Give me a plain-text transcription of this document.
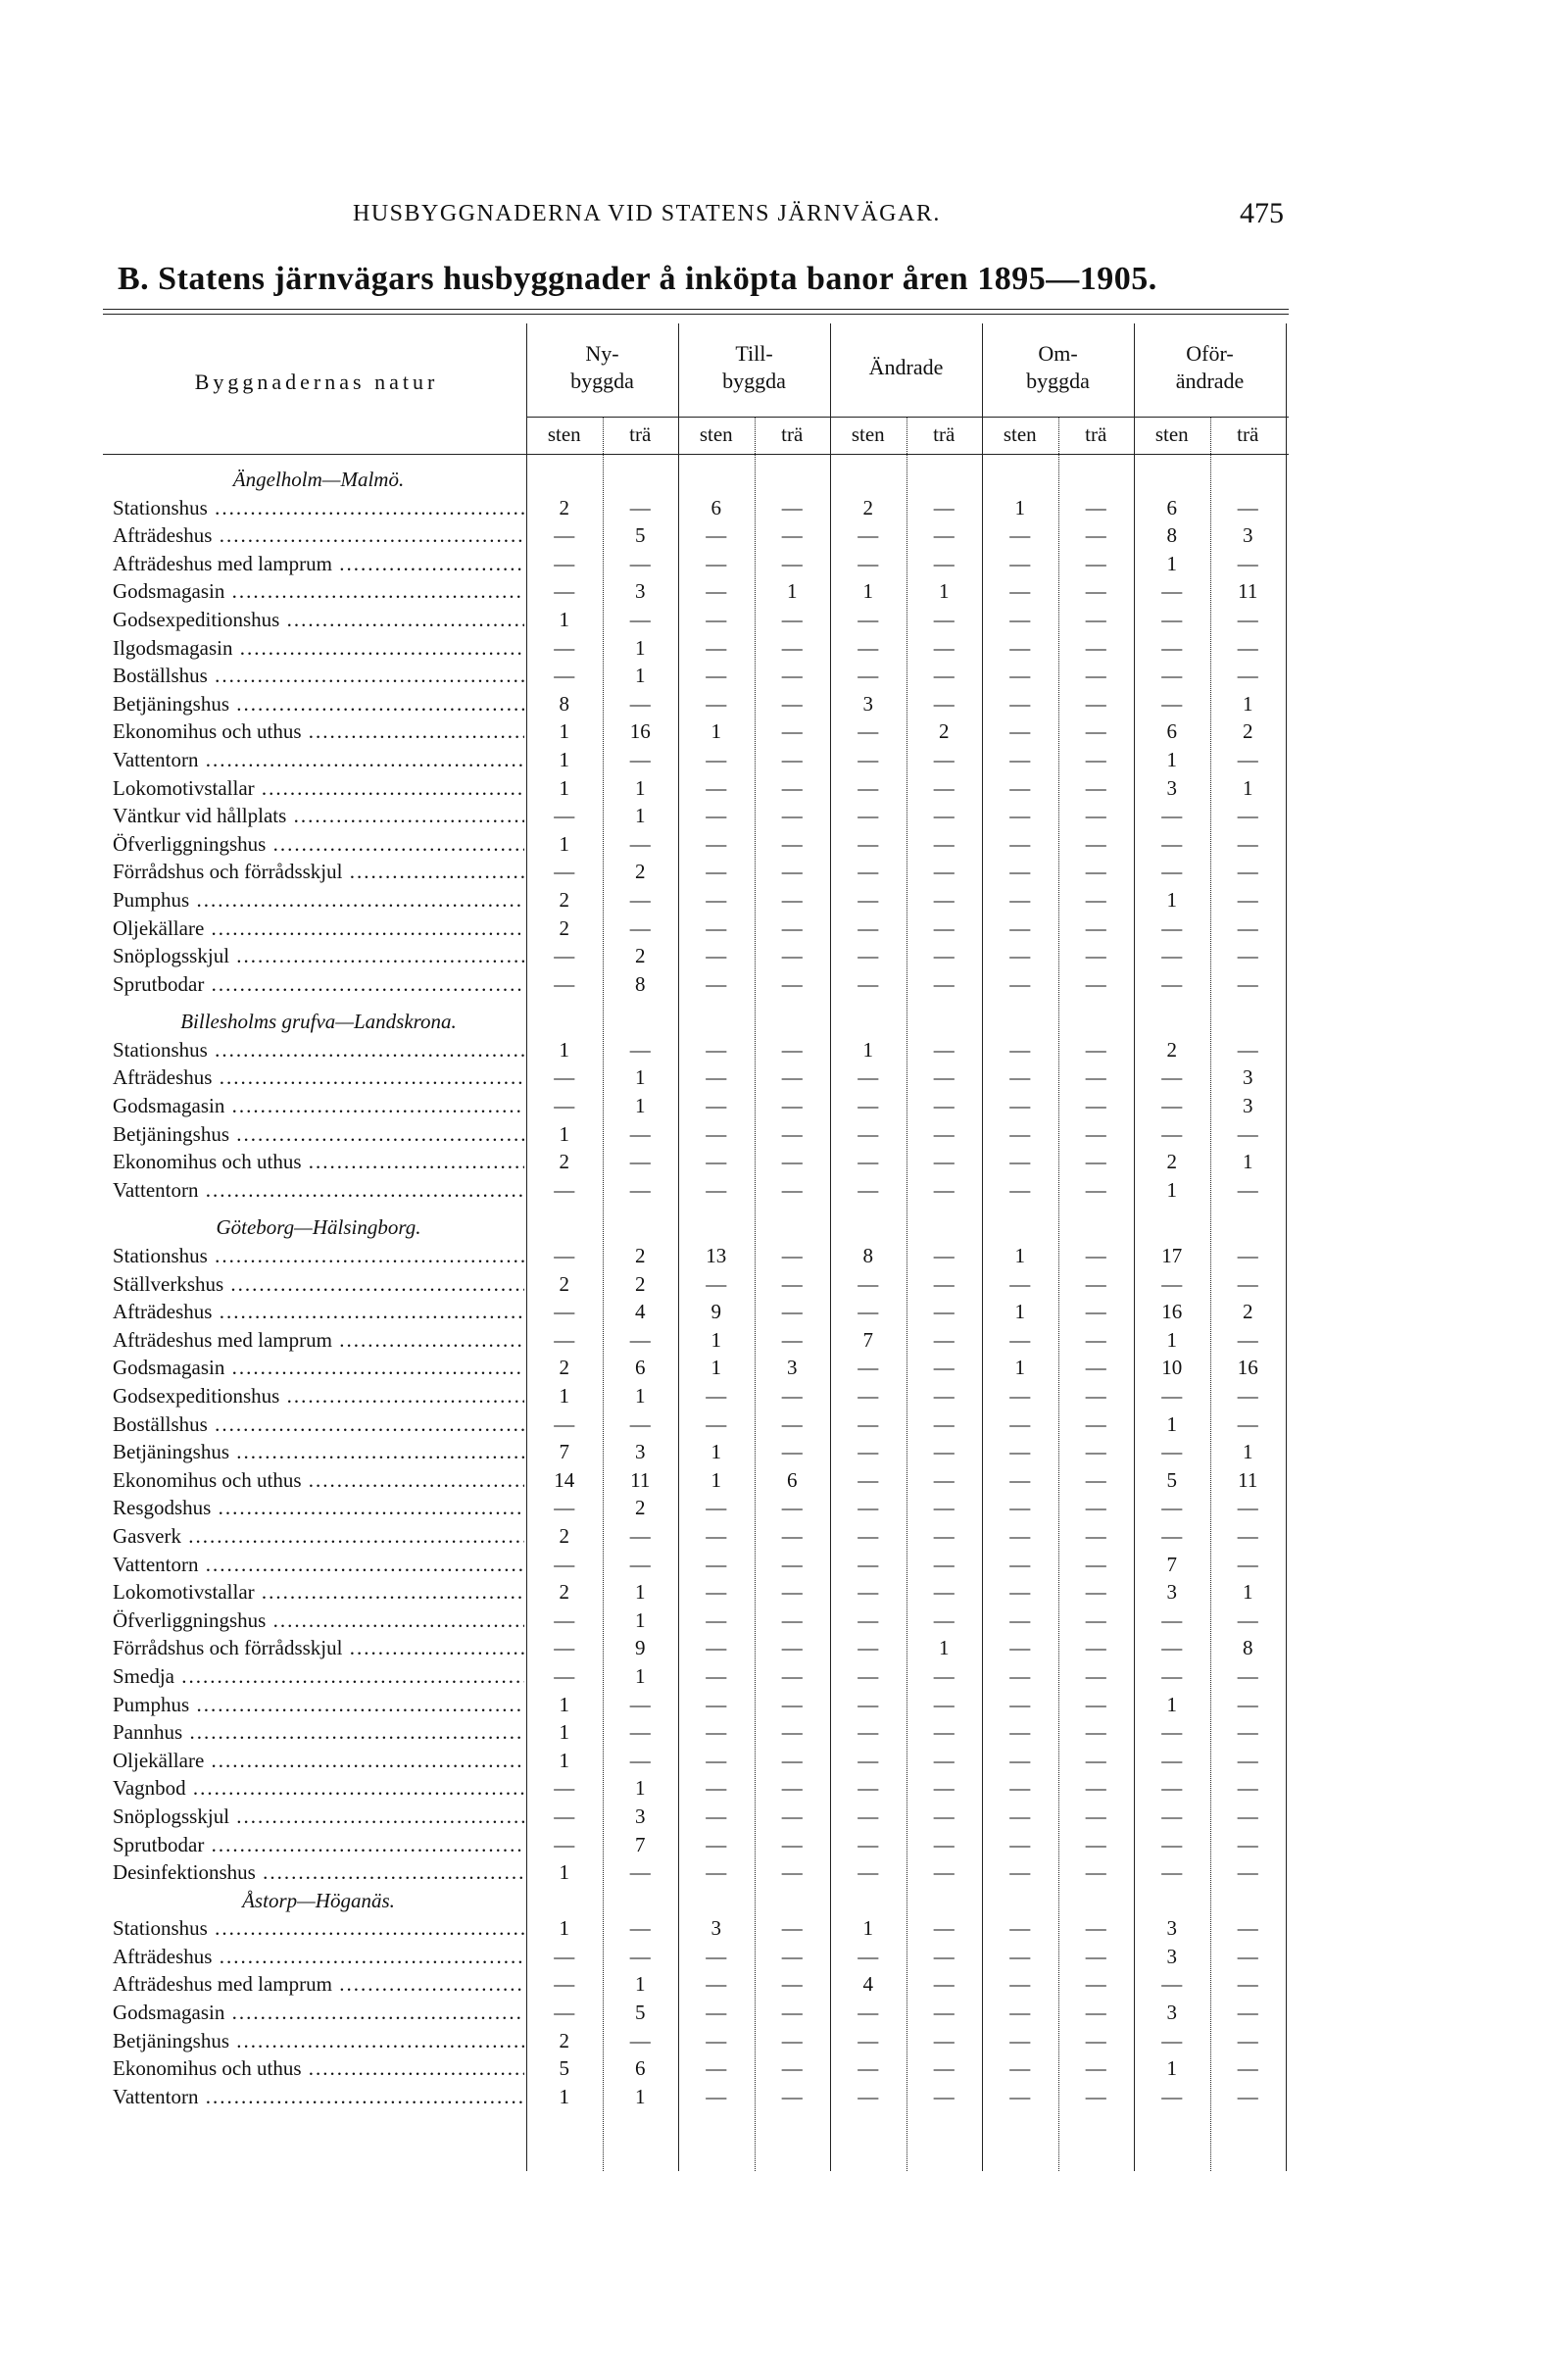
HUSBYGGNADERNA VID STATENS JÄRNVÄGAR.	475
B. Statens järnvägars husbyggnader å inköpta banor åren 1895—1905.
Byggnadernas natur
Ny-
byggda
sten	trä
Till-
byggda
sten	trä
Ändrade
sten	trä
Om-
byggda
sten	trä
Oför-
ändrade
sten	trä
Ängelholm—Malmö.
Stationshus .....	2	—	6	—	2	—	1	—	6	—
Afträdeshus .....	—	5	—	—	—	—	—	—	8	3
Afträdeshus med lamprum .....	—	—	—	—	—	—	—	—	1	—
Godsmagasin .....	—	3	—	1	1	1	—	—	—	11
Godsexpeditionshus .....	1	—	—	—	—	—	—	—	—	—
Ilgodsmagasin .....	—	1	—	—	—	—	—	—	—	—
Boställshus .....	—	1	—	—	—	—	—	—	—	—
Betjäningshus .....	8	—	—	—	3	—	—	—	—	1
Ekonomihus och uthus .....	1	16	1	—	—	2	—	—	6	2
Vattentorn .....	1	—	—	—	—	—	—	—	1	—
Lokomotivstallar .....	1	1	—	—	—	—	—	—	3	1
Väntkur vid hållplats .....	—	1	—	—	—	—	—	—	—	—
Öfverliggningshus .....	1	—	—	—	—	—	—	—	—	—
Förrådshus och förrådsskjul .....	—	2	—	—	—	—	—	—	—	—
Pumphus .....	2	—	—	—	—	—	—	—	1	—
Oljekällare .....	2	—	—	—	—	—	—	—	—	—
Snöplogsskjul .....	—	2	—	—	—	—	—	—	—	—
Sprutbodar .....	—	8	—	—	—	—	—	—	—	—
Billesholms grufva—Landskrona.
Stationshus .....	1	—	—	—	1	—	—	—	2	—
Afträdeshus .....	—	1	—	—	—	—	—	—	—	3
Godsmagasin .....	—	1	—	—	—	—	—	—	—	3
Betjäningshus .....	1	—	—	—	—	—	—	—	—	—
Ekonomihus och uthus .....	2	—	—	—	—	—	—	—	2	1
Vattentorn .....	—	—	—	—	—	—	—	—	1	—
Göteborg—Hälsingborg.
Stationshus .....	—	2	13	—	8	—	1	—	17	—
Ställverkshus .....	2	2	—	—	—	—	—	—	—	—
Afträdeshus .....	—	4	9	—	—	—	1	—	16	2
Afträdeshus med lamprum .....	—	—	1	—	7	—	—	—	1	—
Godsmagasin .....	2	6	1	3	—	—	1	—	10	16
Godsexpeditionshus .....	1	1	—	—	—	—	—	—	—	—
Boställshus .....	—	—	—	—	—	—	—	—	1	—
Betjäningshus .....	7	3	1	—	—	—	—	—	—	1
Ekonomihus och uthus .....	14	11	1	6	—	—	—	—	5	11
Resgodshus .....	—	2	—	—	—	—	—	—	—	—
Gasverk .....	2	—	—	—	—	—	—	—	—	—
Vattentorn .....	—	—	—	—	—	—	—	—	7	—
Lokomotivstallar .....	2	1	—	—	—	—	—	—	3	1
Öfverliggningshus .....	—	1	—	—	—	—	—	—	—	—
Förrådshus och förrådsskjul .....	—	9	—	—	—	1	—	—	—	8
Smedja .....	—	1	—	—	—	—	—	—	—	—
Pumphus .....	1	—	—	—	—	—	—	—	1	—
Pannhus .....	1	—	—	—	—	—	—	—	—	—
Oljekällare .....	1	—	—	—	—	—	—	—	—	—
Vagnbod .....	—	1	—	—	—	—	—	—	—	—
Snöplogsskjul .....	—	3	—	—	—	—	—	—	—	—
Sprutbodar .....	—	7	—	—	—	—	—	—	—	—
Desinfektionshus .....	1	—	—	—	—	—	—	—	—	—
Åstorp—Höganäs.
Stationshus .....	1	—	3	—	1	—	—	—	3	—
Afträdeshus .....	—	—	—	—	—	—	—	—	3	—
Afträdeshus med lamprum .....	—	1	—	—	4	—	—	—	—	—
Godsmagasin .....	—	5	—	—	—	—	—	—	3	—
Betjäningshus .....	2	—	—	—	—	—	—	—	—	—
Ekonomihus och uthus .....	5	6	—	—	—	—	—	—	1	—
Vattentorn .....	1	1	—	—	—	—	—	—	—	—
